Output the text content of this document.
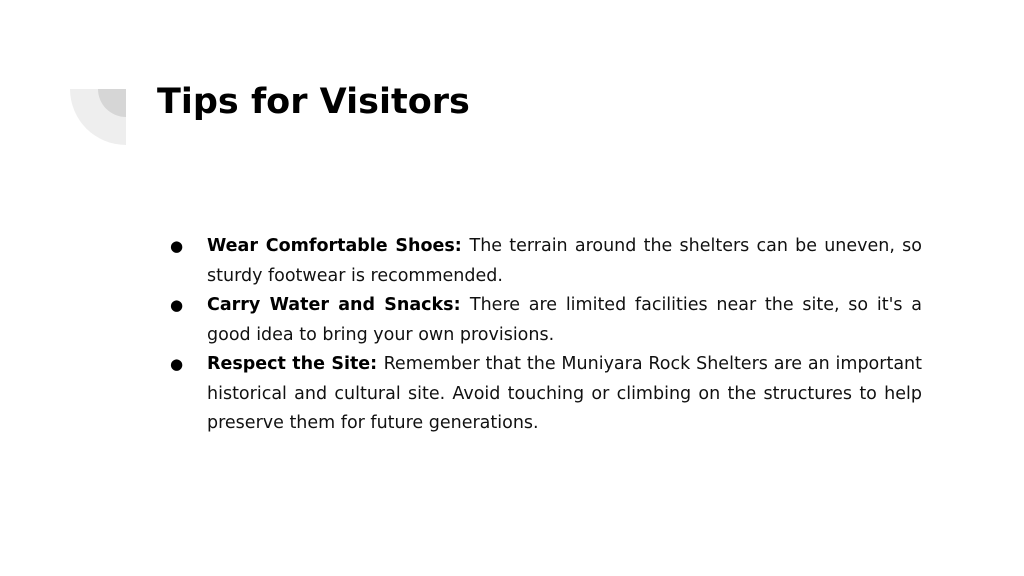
Tips for Visitors
● Wear Comfortable Shoes: The terrain around the shelters can be uneven, so sturdy footwear is recommended.
● Carry Water and Snacks: There are limited facilities near the site, so it's a good idea to bring your own provisions.
● Respect the Site: Remember that the Muniyara Rock Shelters are an important historical and cultural site. Avoid touching or climbing on the structures to help preserve them for future generations.
